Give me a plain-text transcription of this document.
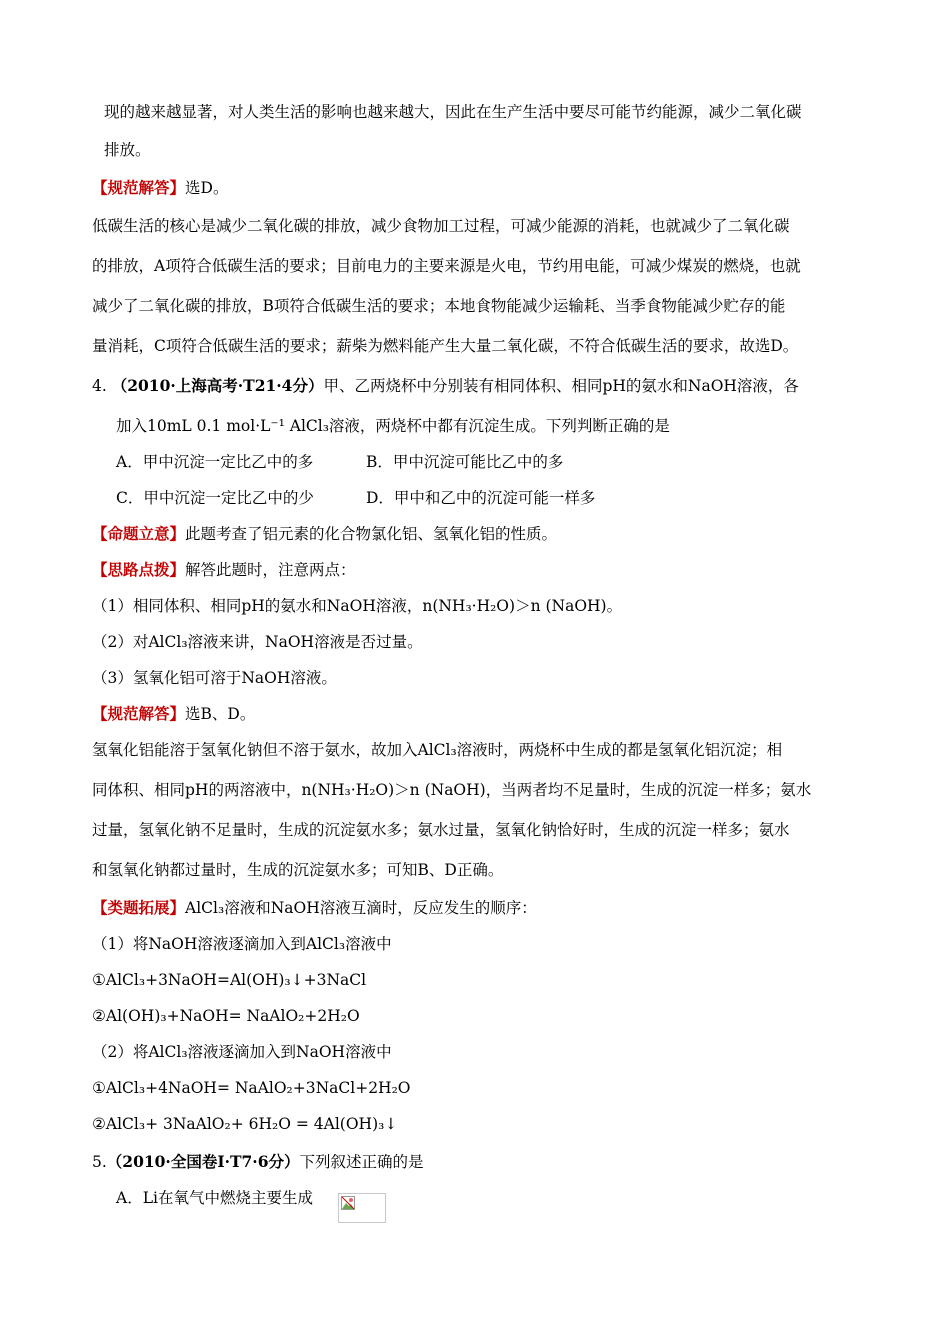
现的越来越显著，对人类生活的影响也越来越大，因此在生产生活中要尽可能节约能源，减少二氧化碳
排放。
【规范解答】选D。
低碳生活的核心是减少二氧化碳的排放，减少食物加工过程，可减少能源的消耗，也就减少了二氧化碳
的排放，A项符合低碳生活的要求；目前电力的主要来源是火电，节约用电能，可减少煤炭的燃烧，也就
减少了二氧化碳的排放，B项符合低碳生活的要求；本地食物能减少运输耗、当季食物能减少贮存的能
量消耗，C项符合低碳生活的要求；薪柴为燃料能产生大量二氧化碳，不符合低碳生活的要求，故选D。
4. （2010·上海高考·T21·4分）甲、乙两烧杯中分别装有相同体积、相同pH的氨水和NaOH溶液，各
加入10mL 0.1 mol·L⁻¹ AlCl₃溶液，两烧杯中都有沉淀生成。下列判断正确的是
A．甲中沉淀一定比乙中的多	B．甲中沉淀可能比乙中的多
C．甲中沉淀一定比乙中的少	D．甲中和乙中的沉淀可能一样多
【命题立意】此题考查了铝元素的化合物氯化铝、氢氧化铝的性质。
【思路点拨】解答此题时，注意两点：
（1）相同体积、相同pH的氨水和NaOH溶液，n(NH₃·H₂O)＞n (NaOH)。
（2）对AlCl₃溶液来讲，NaOH溶液是否过量。
（3）氢氧化铝可溶于NaOH溶液。
【规范解答】选B、D。
氢氧化铝能溶于氢氧化钠但不溶于氨水，故加入AlCl₃溶液时，两烧杯中生成的都是氢氧化铝沉淀；相
同体积、相同pH的两溶液中，n(NH₃·H₂O)＞n (NaOH)，当两者均不足量时，生成的沉淀一样多；氨水
过量，氢氧化钠不足量时，生成的沉淀氨水多；氨水过量，氢氧化钠恰好时，生成的沉淀一样多；氨水
和氢氧化钠都过量时，生成的沉淀氨水多；可知B、D正确。
【类题拓展】AlCl₃溶液和NaOH溶液互滴时，反应发生的顺序：
（1）将NaOH溶液逐滴加入到AlCl₃溶液中
①AlCl₃+3NaOH=Al(OH)₃↓+3NaCl
②Al(OH)₃+NaOH= NaAlO₂+2H₂O
（2）将AlCl₃溶液逐滴加入到NaOH溶液中
①AlCl₃+4NaOH= NaAlO₂+3NaCl+2H₂O
②AlCl₃+ 3NaAlO₂+ 6H₂O = 4Al(OH)₃↓
5.（2010·全国卷Ⅰ·T7·6分）下列叙述正确的是
A．Li在氧气中燃烧主要生成
